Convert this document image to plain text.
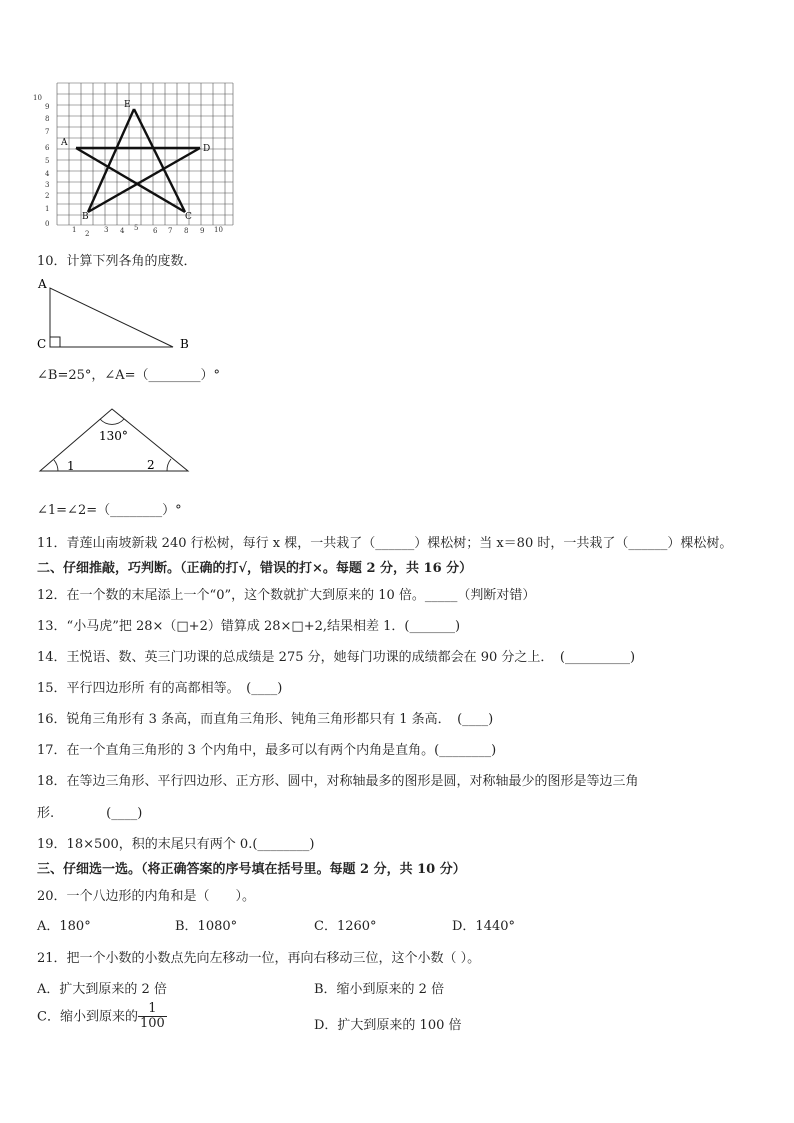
10
9
8
7
6
5
4
3
2
1
0
1 2 3 4 5 6 7 8 9 10
A
E
D
B	C
10．计算下列各角的度数．
A
C	B
∠B=25°，∠A=（________）°
130°
1	2
∠1=∠2=（________）°
11．青莲山南坡新栽 240 行松树，每行 x 棵，一共栽了（______）棵松树；当 x＝80 时，一共栽了（______）棵松树。
二、仔细推敲，巧判断。（正确的打√，错误的打×。每题 2 分，共 16 分）
12．在一个数的末尾添上一个“0”，这个数就扩大到原来的 10 倍。_____（判断对错）
13．“小马虎”把 28×（□+2）错算成 28×□+2,结果相差 1．(_______)
14．王悦语、数、英三门功课的总成绩是 275 分，她每门功课的成绩都会在 90 分之上．　(__________)
15．平行四边形所 有的高都相等。　(____)
16．锐角三角形有 3 条高，而直角三角形、钝角三角形都只有 1 条高．　(____)
17．在一个直角三角形的 3 个内角中，最多可以有两个内角是直角。(________)
18．在等边三角形、平行四边形、正方形、圆中，对称轴最多的图形是圆，对称轴最少的图形是等边三角
形.　　　　(____)
19．18×500，积的末尾只有两个 0.(________)
三、仔细选一选。（将正确答案的序号填在括号里。每题 2 分，共 10 分）
20．一个八边形的内角和是（　　）。
A．180°	B．1080°	C．1260°	D．1440°
21．把一个小数的小数点先向左移动一位，再向右移动三位，这个小数（ ）。
A．扩大到原来的 2 倍	B．缩小到原来的 2 倍
C．缩小到原来的 $\frac{1}{100}$	D．扩大到原来的 100 倍
